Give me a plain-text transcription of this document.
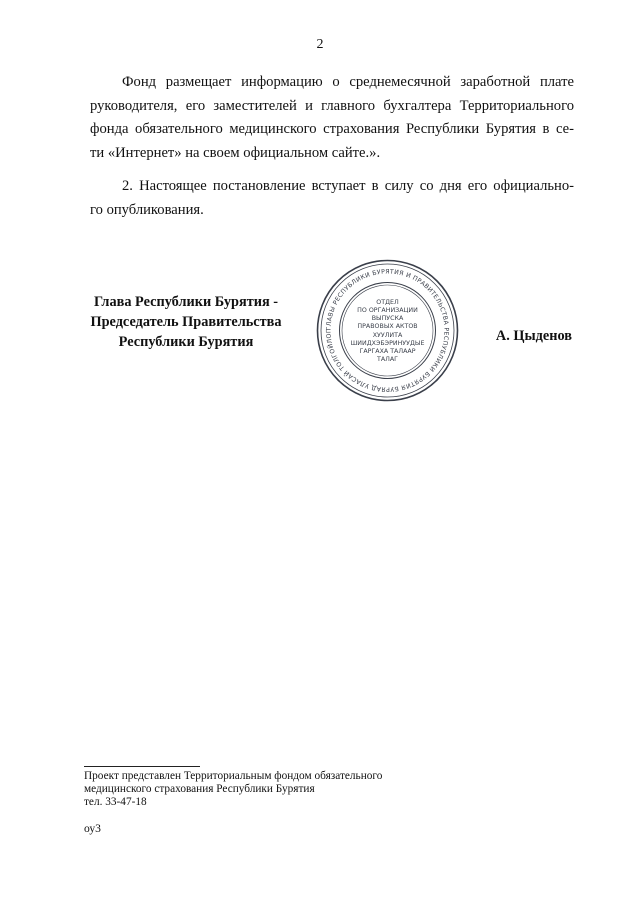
2
Фонд размещает информацию о среднемесячной заработной плате
руководителя, его заместителей и главного бухгалтера Территориального
фонда обязательного медицинского страхования Республики Бурятия в се-
ти «Интернет» на своем официальном сайте.».
2. Настоящее постановление вступает в силу со дня его официально-
го опубликования.
Глава Республики Бурятия -
Председатель Правительства
Республики Бурятия
ГЛАВЫ РЕСПУБЛИКИ БУРЯТИЯ И ПРАВИТЕЛЬСТВА РЕСПУБЛИКИ БУРЯТИЯ БУРЯАД УЛАСАЙ ТОЛГОЙЛОГ
ОТДЕЛ
ПО ОРГАНИЗАЦИИ
ВЫПУСКА
ПРАВОВЫХ АКТОВ
ХУУЛИТА
ШИИДХЭБЭРИНУУДЫЕ
ГАРГАХА ТАЛААР
ТАЛАГ
А. Цыденов
Проект представлен Территориальным фондом обязательного
медицинского страхования Республики Бурятия
тел. 33-47-18
оу3
